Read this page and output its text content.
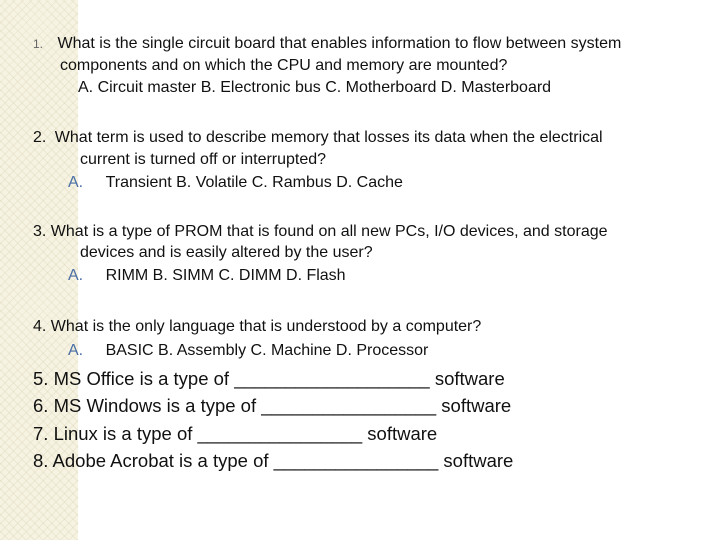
1. What is the single circuit board that enables information to flow between system
components and on which the CPU and memory are mounted?
A. Circuit master B. Electronic bus C. Motherboard D. Masterboard
2. What term is used to describe memory that losses its data when the electrical
current is turned off or interrupted?
A. Transient B. Volatile C. Rambus D. Cache
3. What is a type of PROM that is found on all new PCs, I/O devices, and storage
devices and is easily altered by the user?
A. RIMM B. SIMM C. DIMM D. Flash
4. What is the only language that is understood by a computer?
A. BASIC B. Assembly C. Machine D. Processor
5. MS Office is a type of ___________________ software
6. MS Windows is a type of _________________ software
7. Linux is a type of ________________ software
8. Adobe Acrobat is a type of ________________ software
